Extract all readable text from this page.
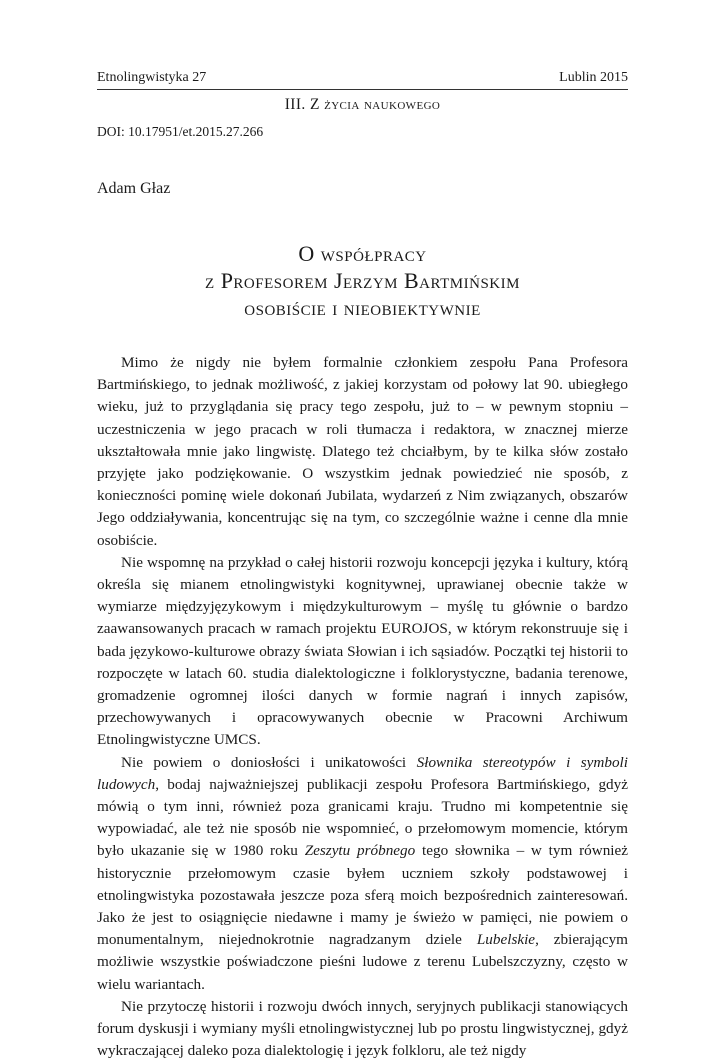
Etnolingwistyka 27	Lublin 2015
III. Z życia naukowego
DOI: 10.17951/et.2015.27.266
Adam Głaz
O współpracy
z Profesorem Jerzym Bartmińskim
osobiście i nieobiektywnie

Mimo że nigdy nie byłem formalnie członkiem zespołu Pana Profesora Bartmińskiego, to jednak możliwość, z jakiej korzystam od połowy lat 90. ubiegłego wieku, już to przyglądania się pracy tego zespołu, już to – w pewnym stopniu – uczestniczenia w jego pracach w roli tłumacza i redaktora, w znacznej mierze ukształtowała mnie jako lingwistę. Dlatego też chciałbym, by te kilka słów zostało przyjęte jako podziękowanie. O wszystkim jednak powiedzieć nie sposób, z konieczności pominę wiele dokonań Jubilata, wydarzeń z Nim związanych, obszarów Jego oddziaływania, koncentrując się na tym, co szczególnie ważne i cenne dla mnie osobiście.

Nie wspomnę na przykład o całej historii rozwoju koncepcji języka i kultury, którą określa się mianem etnolingwistyki kognitywnej, uprawianej obecnie także w wymiarze międzyjęzykowym i międzykulturowym – myślę tu głównie o bardzo zaawansowanych pracach w ramach projektu EUROJOS, w którym rekonstruuje się i bada językowo-kulturowe obrazy świata Słowian i ich sąsiadów. Początki tej historii to rozpoczęte w latach 60. studia dialektologiczne i folklorystyczne, badania terenowe, gromadzenie ogromnej ilości danych w formie nagrań i innych zapisów, przechowywanych i opracowywanych obecnie w Pracowni Archiwum Etnolingwistyczne UMCS.

Nie powiem o doniosłości i unikatowości Słownika stereotypów i symboli ludowych, bodaj najważniejszej publikacji zespołu Profesora Bartmińskiego, gdyż mówią o tym inni, również poza granicami kraju. Trudno mi kompetentnie się wypowiadać, ale też nie sposób nie wspomnieć, o przełomowym momencie, którym było ukazanie się w 1980 roku Zeszytu próbnego tego słownika – w tym również historycznie przełomowym czasie byłem uczniem szkoły podstawowej i etnolingwistyka pozostawała jeszcze poza sferą moich bezpośrednich zainteresowań. Jako że jest to osiągnięcie niedawne i mamy je świeżo w pamięci, nie powiem o monumentalnym, niejednokrotnie nagradzanym dziele Lubelskie, zbierającym możliwie wszystkie poświadczone pieśni ludowe z terenu Lubelszczyzny, często w wielu wariantach.

Nie przytoczę historii i rozwoju dwóch innych, seryjnych publikacji stanowiących forum dyskusji i wymiany myśli etnolingwistycznej lub po prostu lingwistycznej, gdyż wykraczającej daleko poza dialektologię i język folkloru, ale też nigdy
